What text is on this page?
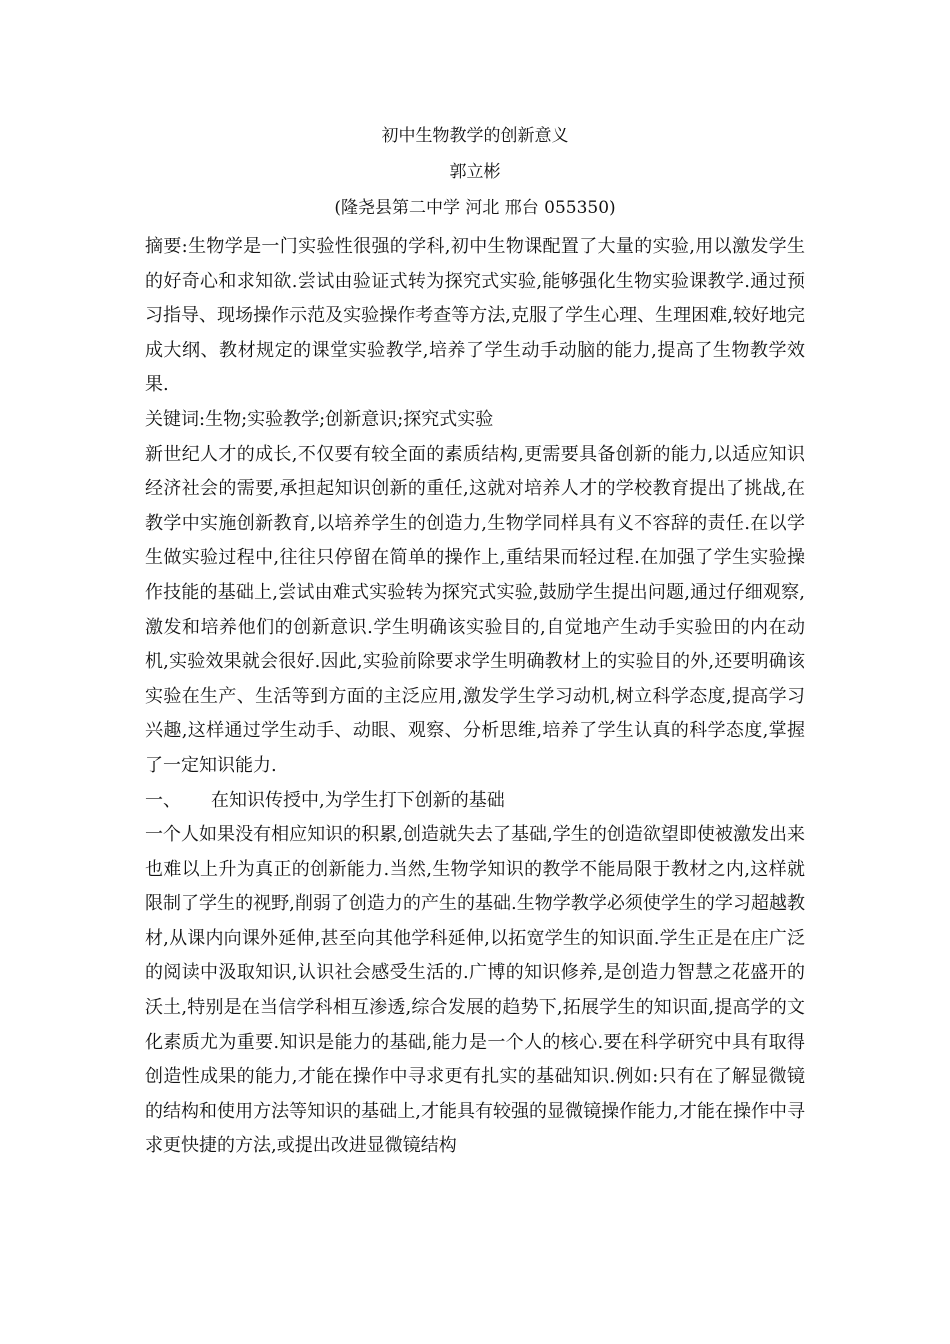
初中生物教学的创新意义
郭立彬
(隆尧县第二中学 河北 邢台 055350)

摘要:生物学是一门实验性很强的学科,初中生物课配置了大量的实验,用以激发学生的好奇心和求知欲.尝试由验证式转为探究式实验,能够强化生物实验课教学.通过预习指导、现场操作示范及实验操作考查等方法,克服了学生心理、生理困难,较好地完成大纲、教材规定的课堂实验教学,培养了学生动手动脑的能力,提高了生物教学效果.

关键词:生物;实验教学;创新意识;探究式实验

新世纪人才的成长,不仅要有较全面的素质结构,更需要具备创新的能力,以适应知识经济社会的需要,承担起知识创新的重任,这就对培养人才的学校教育提出了挑战,在教学中实施创新教育,以培养学生的创造力,生物学同样具有义不容辞的责任.在以学生做实验过程中,往往只停留在简单的操作上,重结果而轻过程.在加强了学生实验操作技能的基础上,尝试由难式实验转为探究式实验,鼓励学生提出问题,通过仔细观察,激发和培养他们的创新意识.学生明确该实验目的,自觉地产生动手实验田的内在动机,实验效果就会很好.因此,实验前除要求学生明确教材上的实验目的外,还要明确该实验在生产、生活等到方面的主泛应用,激发学生学习动机,树立科学态度,提高学习兴趣,这样通过学生动手、动眼、观察、分析思维,培养了学生认真的科学态度,掌握了一定知识能力.

一、 在知识传授中,为学生打下创新的基础

一个人如果没有相应知识的积累,创造就失去了基础,学生的创造欲望即使被激发出来也难以上升为真正的创新能力.当然,生物学知识的教学不能局限于教材之内,这样就限制了学生的视野,削弱了创造力的产生的基础.生物学教学必须使学生的学习超越教材,从课内向课外延伸,甚至向其他学科延伸,以拓宽学生的知识面.学生正是在庄广泛的阅读中汲取知识,认识社会感受生活的.广博的知识修养,是创造力智慧之花盛开的沃土,特别是在当信学科相互渗透,综合发展的趋势下,拓展学生的知识面,提高学的文化素质尤为重要.知识是能力的基础,能力是一个人的核心.要在科学研究中具有取得创造性成果的能力,才能在操作中寻求更有扎实的基础知识.例如:只有在了解显微镜的结构和使用方法等知识的基础上,才能具有较强的显微镜操作能力,才能在操作中寻求更快捷的方法,或提出改进显微镜结构
